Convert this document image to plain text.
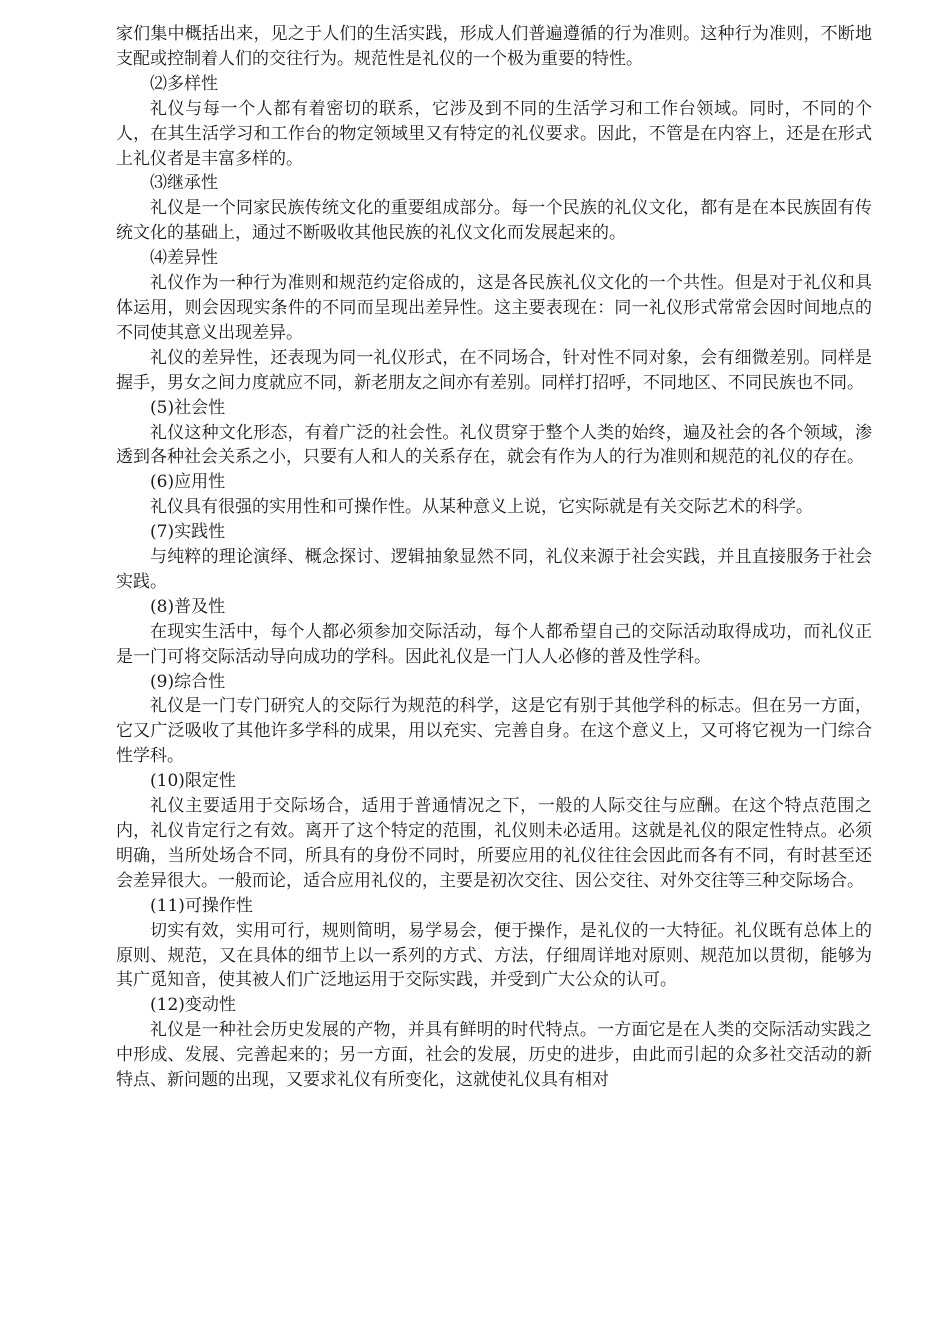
家们集中概括出来，见之于人们的生活实践，形成人们普遍遵循的行为准则。这种行为准则，不断地支配或控制着人们的交往行为。规范性是礼仪的一个极为重要的特性。

⑵多样性

礼仪与每一个人都有着密切的联系，它涉及到不同的生活学习和工作台领域。同时，不同的个人，在其生活学习和工作台的物定领域里又有特定的礼仪要求。因此，不管是在内容上，还是在形式上礼仪者是丰富多样的。

⑶继承性

礼仪是一个同家民族传统文化的重要组成部分。每一个民族的礼仪文化，都有是在本民族固有传统文化的基础上，通过不断吸收其他民族的礼仪文化而发展起来的。

⑷差异性

礼仪作为一种行为准则和规范约定俗成的，这是各民族礼仪文化的一个共性。但是对于礼仪和具体运用，则会因现实条件的不同而呈现出差异性。这主要表现在：同一礼仪形式常常会因时间地点的不同使其意义出现差异。

礼仪的差异性，还表现为同一礼仪形式，在不同场合，针对性不同对象，会有细微差别。同样是握手，男女之间力度就应不同，新老朋友之间亦有差别。同样打招呼，不同地区、不同民族也不同。

(5)社会性

礼仪这种文化形态，有着广泛的社会性。礼仪贯穿于整个人类的始终，遍及社会的各个领域，渗透到各种社会关系之小，只要有人和人的关系存在，就会有作为人的行为准则和规范的礼仪的存在。

(6)应用性

礼仪具有很强的实用性和可操作性。从某种意义上说，它实际就是有关交际艺术的科学。

(7)实践性

与纯粹的理论演绎、概念探讨、逻辑抽象显然不同，礼仪来源于社会实践，并且直接服务于社会实践。

(8)普及性

在现实生活中，每个人都必须参加交际活动，每个人都希望自己的交际活动取得成功，而礼仪正是一门可将交际活动导向成功的学科。因此礼仪是一门人人必修的普及性学科。

(9)综合性

礼仪是一门专门研究人的交际行为规范的科学，这是它有别于其他学科的标志。但在另一方面，它又广泛吸收了其他许多学科的成果，用以充实、完善自身。在这个意义上，又可将它视为一门综合性学科。

(10)限定性

礼仪主要适用于交际场合，适用于普通情况之下，一般的人际交往与应酬。在这个特点范围之内，礼仪肯定行之有效。离开了这个特定的范围，礼仪则未必适用。这就是礼仪的限定性特点。必须明确，当所处场合不同，所具有的身份不同时，所要应用的礼仪往往会因此而各有不同，有时甚至还会差异很大。一般而论，适合应用礼仪的，主要是初次交往、因公交往、对外交往等三种交际场合。

(11)可操作性

切实有效，实用可行，规则简明，易学易会，便于操作，是礼仪的一大特征。礼仪既有总体上的原则、规范，又在具体的细节上以一系列的方式、方法，仔细周详地对原则、规范加以贯彻，能够为其广觅知音，使其被人们广泛地运用于交际实践，并受到广大公众的认可。

(12)变动性

礼仪是一种社会历史发展的产物，并具有鲜明的时代特点。一方面它是在人类的交际活动实践之中形成、发展、完善起来的；另一方面，社会的发展，历史的进步，由此而引起的众多社交活动的新特点、新问题的出现，又要求礼仪有所变化，这就使礼仪具有相对
